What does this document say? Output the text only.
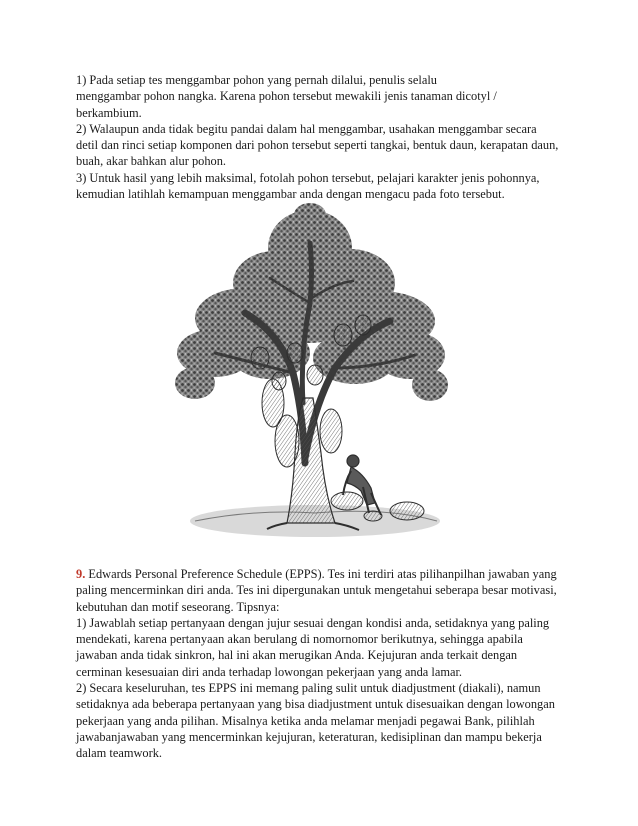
1) Pada setiap tes menggambar pohon yang pernah dilalui, penulis selalu

menggambar pohon nangka. Karena pohon tersebut mewakili jenis tanaman dicotyl /

berkambium.

2) Walaupun anda tidak begitu pandai dalam hal menggambar, usahakan menggambar secara

detil dan rinci setiap komponen dari pohon tersebut seperti tangkai, bentuk daun, kerapatan daun,

buah, akar bahkan alur pohon.

3) Untuk hasil yang lebih maksimal, fotolah pohon tersebut, pelajari karakter jenis pohonnya,

kemudian latihlah kemampuan menggambar anda dengan mengacu pada foto tersebut.

9. Edwards Personal Preference Schedule (EPPS). Tes ini terdiri atas pilihanpilhan jawaban yang

paling mencerminkan diri anda. Tes ini dipergunakan untuk mengetahui seberapa besar motivasi,

kebutuhan dan motif seseorang. Tipsnya:

1) Jawablah setiap pertanyaan dengan jujur sesuai dengan kondisi anda, setidaknya yang paling

mendekati, karena pertanyaan akan berulang di nomornomor berikutnya, sehingga apabila

jawaban anda tidak sinkron, hal ini akan merugikan Anda. Kejujuran anda terkait dengan

cerminan kesesuaian diri anda terhadap lowongan pekerjaan yang anda lamar.

2) Secara keseluruhan, tes EPPS ini memang paling sulit untuk diadjustment (diakali), namun

setidaknya ada beberapa pertanyaan yang bisa diadjustment untuk disesuaikan dengan lowongan

pekerjaan yang anda pilihan. Misalnya ketika anda melamar menjadi pegawai Bank, pilihlah

jawabanjawaban yang mencerminkan kejujuran, keteraturan, kedisiplinan dan mampu bekerja

dalam teamwork.
